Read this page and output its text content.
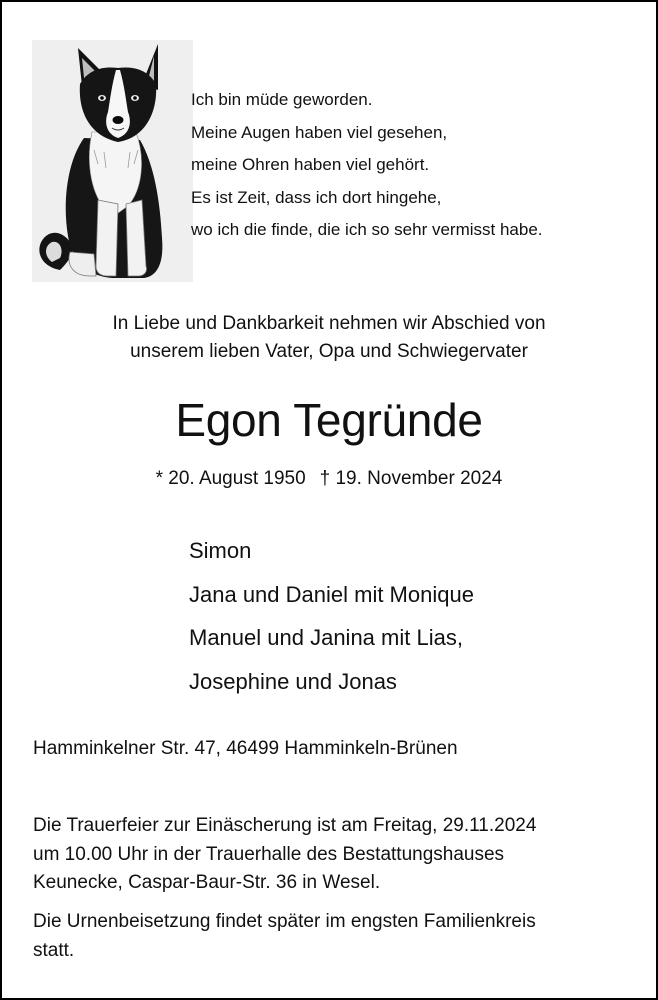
Ich bin müde geworden.
Meine Augen haben viel gesehen,
meine Ohren haben viel gehört.
Es ist Zeit, dass ich dort hingehe,
wo ich die finde, die ich so sehr vermisst habe.
In Liebe und Dankbarkeit nehmen wir Abschied von
unserem lieben Vater, Opa und Schwiegervater
Egon Tegründe
* 20. August 1950 † 19. November 2024
Simon
Jana und Daniel mit Monique
Manuel und Janina mit Lias,
Josephine und Jonas
Hamminkelner Str. 47, 46499 Hamminkeln-Brünen
Die Trauerfeier zur Einäscherung ist am Freitag, 29.11.2024
um 10.00 Uhr in der Trauerhalle des Bestattungshauses
Keunecke, Caspar-Baur-Str. 36 in Wesel.
Die Urnenbeisetzung findet später im engsten Familienkreis
statt.
